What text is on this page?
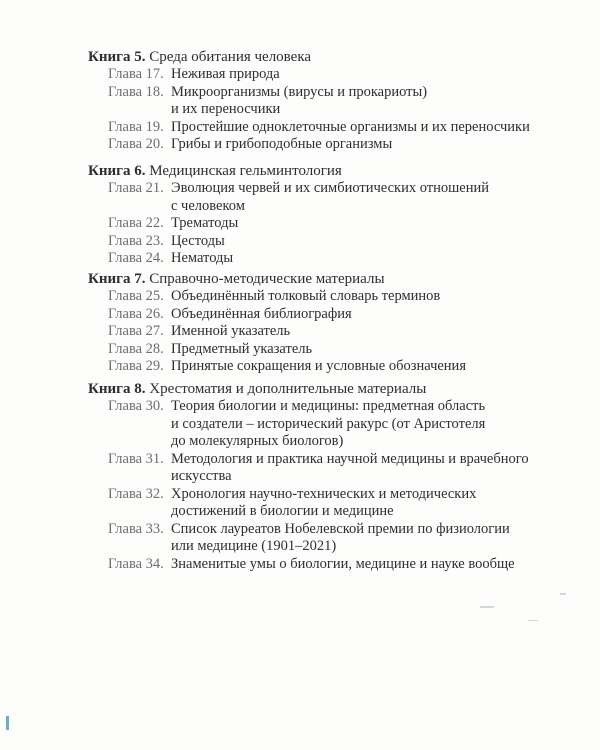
Книга 5. Среда обитания человека
Глава 17. Неживая природа
Глава 18. Микроорганизмы (вирусы и прокариоты)
и их переносчики
Глава 19. Простейшие одноклеточные организмы и их переносчики
Глава 20. Грибы и грибоподобные организмы
Книга 6. Медицинская гельминтология
Глава 21. Эволюция червей и их симбиотических отношений
с человеком
Глава 22. Трематоды
Глава 23. Цестоды
Глава 24. Нематоды
Книга 7. Справочно-методические материалы
Глава 25. Объединённый толковый словарь терминов
Глава 26. Объединённая библиография
Глава 27. Именной указатель
Глава 28. Предметный указатель
Глава 29. Принятые сокращения и условные обозначения
Книга 8. Хрестоматия и дополнительные материалы
Глава 30. Теория биологии и медицины: предметная область
и создатели – исторический ракурс (от Аристотеля
до молекулярных биологов)
Глава 31. Методология и практика научной медицины и врачебного
искусства
Глава 32. Хронология научно-технических и методических
достижений в биологии и медицине
Глава 33. Список лауреатов Нобелевской премии по физиологии
или медицине (1901–2021)
Глава 34. Знаменитые умы о биологии, медицине и науке вообще
